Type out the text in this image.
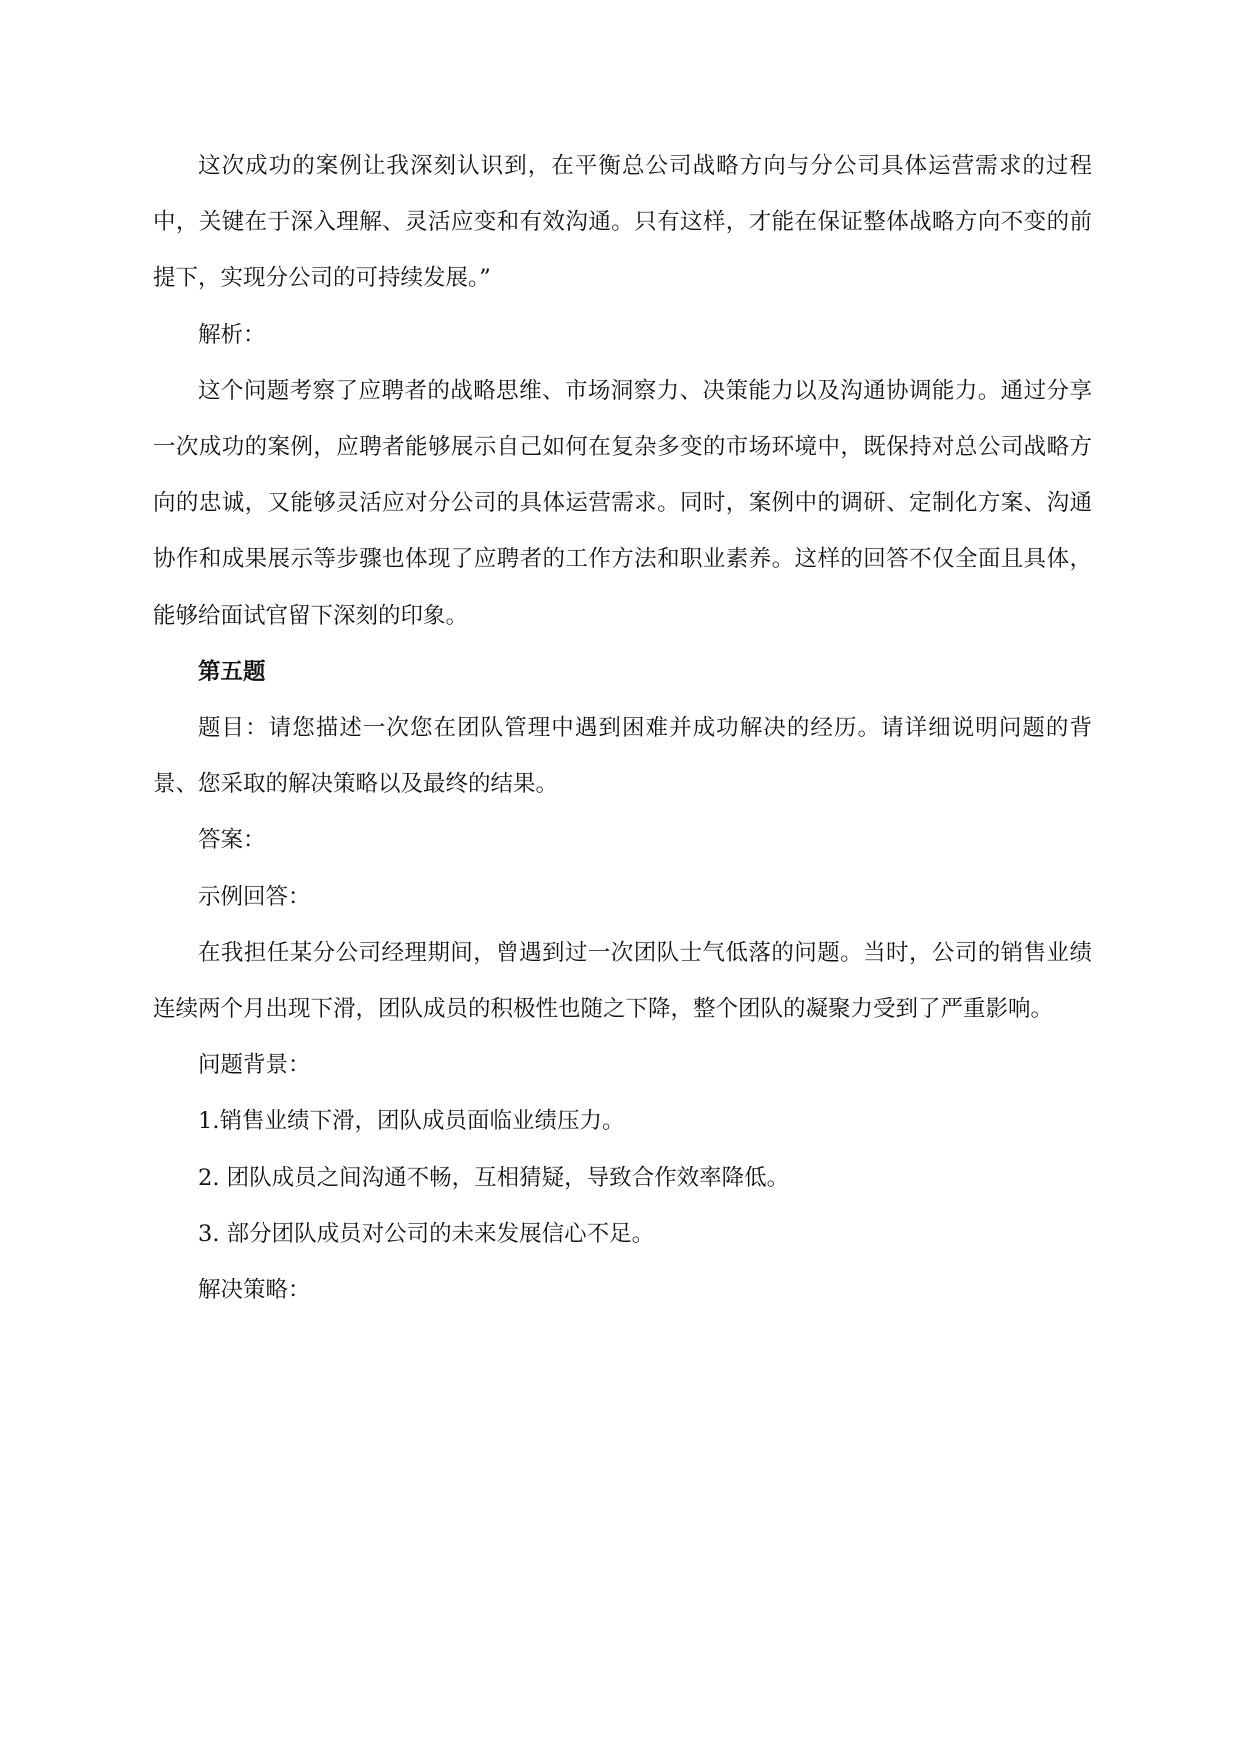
这次成功的案例让我深刻认识到，在平衡总公司战略方向与分公司具体运营需求的过程中，关键在于深入理解、灵活应变和有效沟通。只有这样，才能在保证整体战略方向不变的前提下，实现分公司的可持续发展。”

解析：

这个问题考察了应聘者的战略思维、市场洞察力、决策能力以及沟通协调能力。通过分享一次成功的案例，应聘者能够展示自己如何在复杂多变的市场环境中，既保持对总公司战略方向的忠诚，又能够灵活应对分公司的具体运营需求。同时，案例中的调研、定制化方案、沟通协作和成果展示等步骤也体现了应聘者的工作方法和职业素养。这样的回答不仅全面且具体，能够给面试官留下深刻的印象。

第五题

题目：请您描述一次您在团队管理中遇到困难并成功解决的经历。请详细说明问题的背景、您采取的解决策略以及最终的结果。

答案：

示例回答：

在我担任某分公司经理期间，曾遇到过一次团队士气低落的问题。当时，公司的销售业绩连续两个月出现下滑，团队成员的积极性也随之下降，整个团队的凝聚力受到了严重影响。

问题背景：

1.销售业绩下滑，团队成员面临业绩压力。

2. 团队成员之间沟通不畅，互相猜疑，导致合作效率降低。

3. 部分团队成员对公司的未来发展信心不足。

解决策略：
